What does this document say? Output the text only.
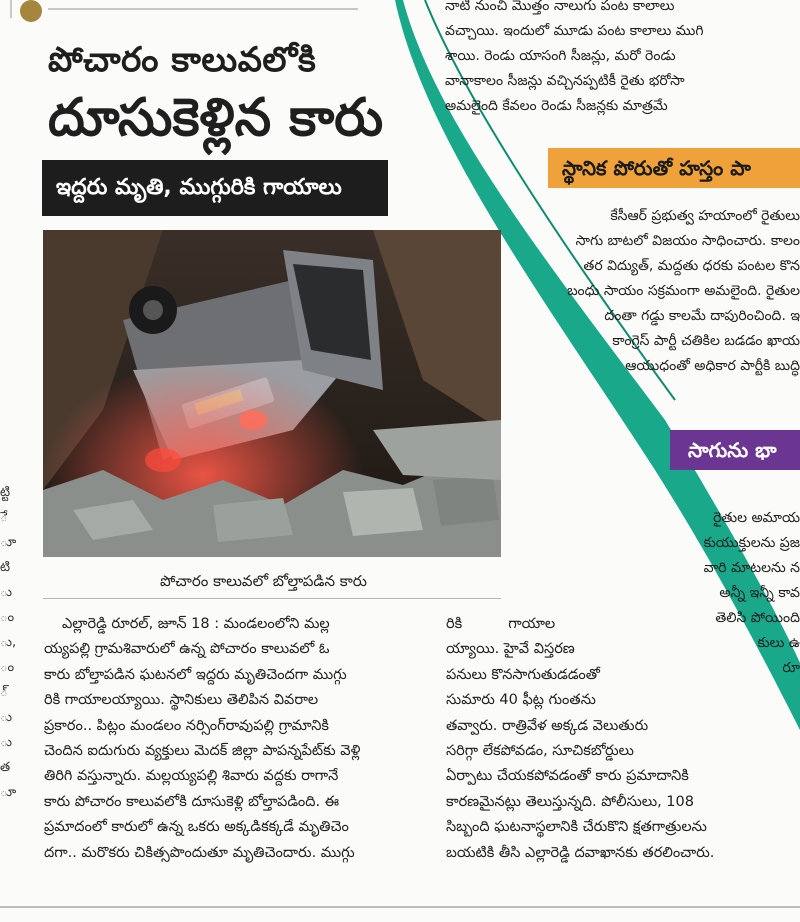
ట్టి
ే
ూ
టి
ు
ం
ు,
ం
్
ు
ు
త
ూ
నాటి నుంచి మొత్తం నాలుగు పంట కాలాలు
వచ్చాయి. ఇందులో మూడు పంట కాలాలు ముగి
శాయి. రెండు యాసంగి సీజన్లు, మరో రెండు
వానాకాలం సీజన్లు వచ్చినప్పటికీ రైతు భరోసా
అమలైంది కేవలం రెండు సీజన్లకు మాత్రమే
స్థానిక పోరుతో హస్తం పా
కేసీఆర్‌ ప్రభుత్వ హయాంలో రైతులు
సాగు బాటలో విజయం సాధించారు. కాలం
తర విద్యుత్‌, మద్దతు ధరకు పంటల కొన
బంధు సాయం సక్రమంగా అమలైంది. రైతుల
దంతా గడ్డు కాలమే దాపురించింది. ఇ
కాంగ్రెస్‌ పార్టీ చతికిల బడడం ఖాయ
ఆయుధంతో అధికార పార్టీకి బుద్ధి
సాగును భా
రైతుల అమాయ
కుయుక్తులను ప్రజ
వారి మాటలను న
అన్నీ ఇన్నీ కావ
తెలిసి పోయింది
కులు ఉ
రూ
పోచారం కాలువలోకి
దూసుకెళ్లిన కారు
ఇద్దరు మృతి, ముగ్గురికి గాయాలు
పోచారం కాలువలో బోల్తాపడిన కారు
ఎల్లారెడ్డి రూరల్‌, జూన్‌ 18 : మండలంలోని మల్ల
య్యపల్లి గ్రామశివారులో ఉన్న పోచారం కాలువలో ఓ
కారు బోల్తాపడిన ఘటనలో ఇద్దరు మృతిచెందగా ముగ్గు
రికి గాయాలయ్యాయి. స్థానికులు తెలిపిన వివరాల
ప్రకారం.. పిట్లం మండలం నర్సింగ్‌రావుపల్లి గ్రామానికి
చెందిన ఐదుగురు వ్యక్తులు మెదక్‌ జిల్లా పాపన్నపేట్‌కు వెళ్లి
తిరిగి వస్తున్నారు. మల్లయ్యపల్లి శివారు వద్దకు రాగానే
కారు పోచారం కాలువలోకి దూసుకెళ్లి బోల్తాపడింది. ఈ
ప్రమాదంలో కారులో ఉన్న ఒకరు అక్కడికక్కడే మృతిచెం
దగా.. మరొకరు చికిత్సపొందుతూ మృతిచెందారు. ముగ్గు
రికి          గాయాల
య్యాయి. హైవే విస్తరణ
పనులు కొనసాగుతుడడంతో
సుమారు 40 ఫీట్ల గుంతను
తవ్వారు. రాత్రివేళ అక్కడ వెలుతురు
సరిగ్గా లేకపోవడం, సూచికబోర్డులు
ఏర్పాటు చేయకపోవడంతో కారు ప్రమాదానికి
కారణమైనట్లు తెలుస్తున్నది. పోలీసులు, 108
సిబ్బంది ఘటనాస్థలానికి చేరుకొని క్షతగాత్రులను
బయటికి తీసి ఎల్లారెడ్డి దవాఖానకు తరలించారు.
